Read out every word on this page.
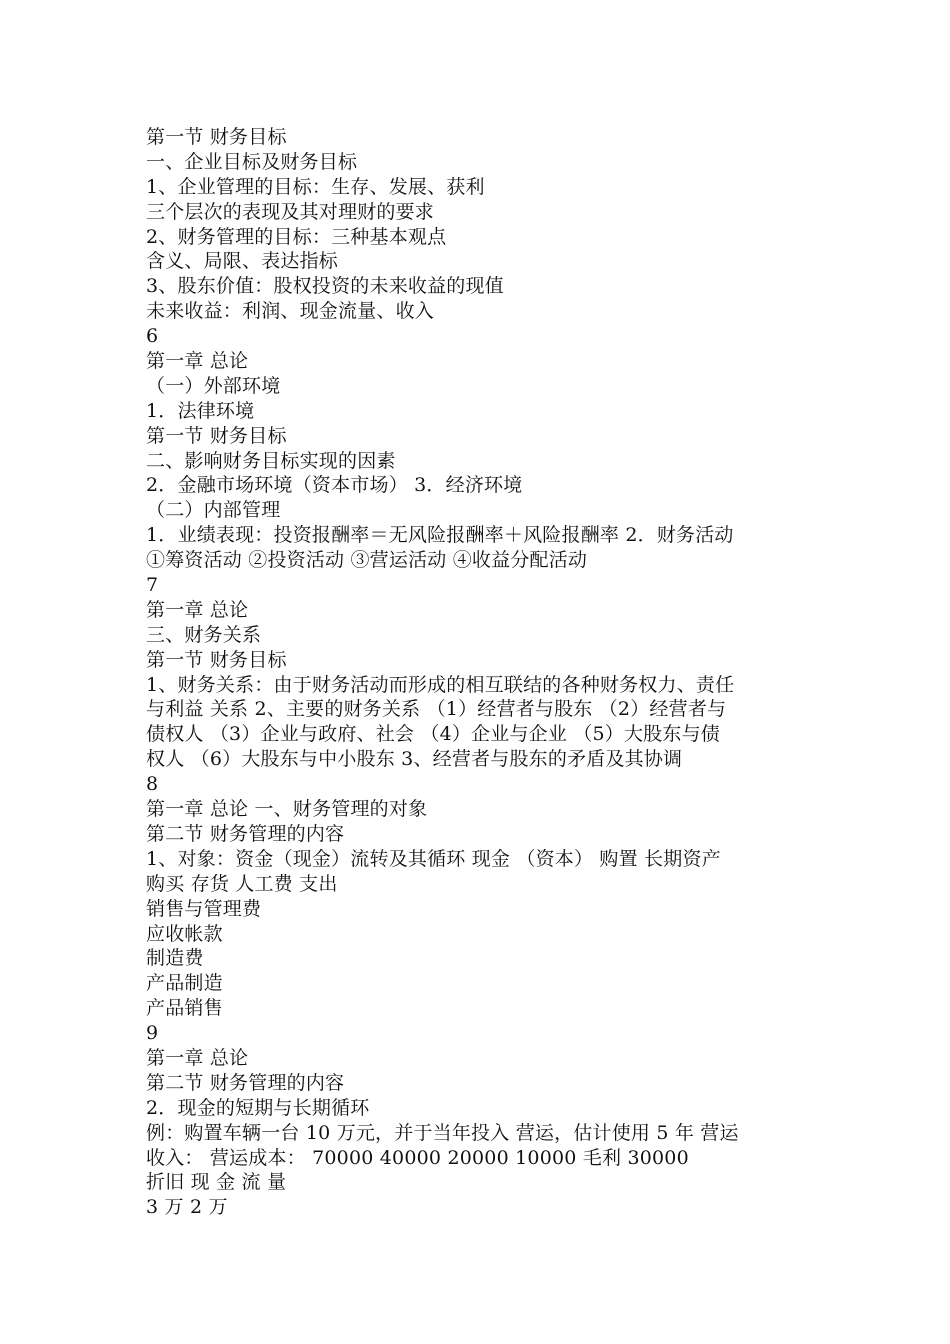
第一节 财务目标
一、企业目标及财务目标
1、企业管理的目标：生存、发展、获利
三个层次的表现及其对理财的要求
2、财务管理的目标：三种基本观点
含义、局限、表达指标
3、股东价值：股权投资的未来收益的现值
未来收益：利润、现金流量、收入
6
第一章 总论
（一）外部环境
1．法律环境
第一节 财务目标
二、影响财务目标实现的因素
2．金融市场环境（资本市场） 3．经济环境
（二）内部管理
1．业绩表现：投资报酬率＝无风险报酬率＋风险报酬率 2．财务活动
①筹资活动 ②投资活动 ③营运活动 ④收益分配活动
7
第一章 总论
三、财务关系
第一节 财务目标
1、财务关系：由于财务活动而形成的相互联结的各种财务权力、责任
与利益 关系 2、主要的财务关系 （1）经营者与股东 （2）经营者与
债权人 （3）企业与政府、社会 （4）企业与企业 （5）大股东与债
权人 （6）大股东与中小股东 3、经营者与股东的矛盾及其协调
8
第一章 总论 一、财务管理的对象
第二节 财务管理的内容
1、对象：资金（现金）流转及其循环 现金 （资本） 购置 长期资产
购买 存货 人工费 支出
销售与管理费
应收帐款
制造费
产品制造
产品销售
9
第一章 总论
第二节 财务管理的内容
2．现金的短期与长期循环
例：购置车辆一台 10 万元，并于当年投入 营运，估计使用 5 年 营运
收入： 营运成本： 70000 40000 20000 10000 毛利 30000
折旧 现 金 流 量
3 万 2 万
